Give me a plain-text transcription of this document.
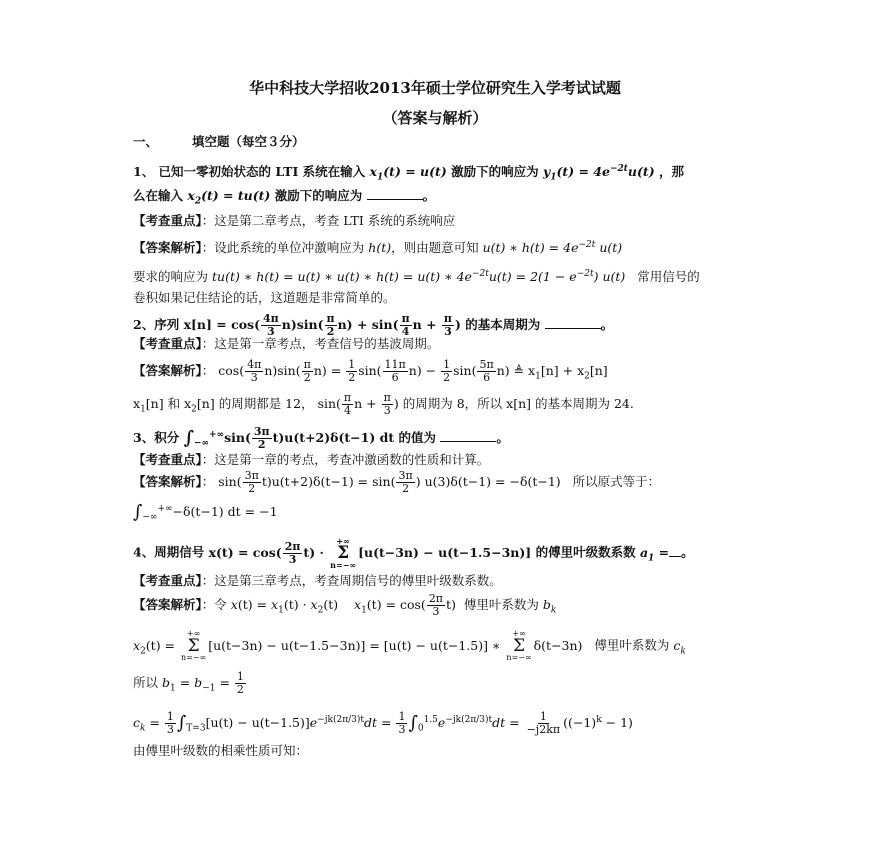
华中科技大学招收2013年硕士学位研究生入学考试试题
（答案与解析）
一、	填空题（每空３分）
1、 已知一零初始状态的 LTI 系统在输入 $x_1(t) = u(t)$ 激励下的响应为 $y_1(t) = 4e^{-2t}u(t)$ ，那
么在输入 $x_2(t) = tu(t)$ 激励下的响应为	。
【考查重点】：这是第二章考点，考查 LTI 系统的系统响应
【答案解析】：设此系统的单位冲激响应为 h(t)，则由题意可知 u(t) ∗ $h(t) = 4e^{-2t}$ u(t)
要求的响应为 tu(t) ∗ h(t) = u(t) ∗ u(t) ∗ h(t) = u(t) ∗ $4e^{-2t}u(t) = 2(1 - e^{-2t})$ u(t) 常用信号的
卷积如果记住结论的话，这道题是非常简单的。
2、序列 $x[n] = \cos( \frac{4\pi}{3} n)\sin( \frac{\pi}{2} n) + \sin( \frac{\pi}{4}$ $n + \frac{\pi}{3}$ ) 的基本周期为	。
【考查重点】：这是第一章考点，考查信号的基波周期。
【答案解析】： $\cos( \frac{4\pi}{3} n)\sin( \frac{\pi}{2} n) = \frac{1}{2} \sin( \frac{11\pi}{6} n) - \frac{1}{2} \sin( \frac{5\pi}{6} n)$ ≜ $x_1[n] + x_2[n]$
$x_1[n]$ 和 $x_2[n]$ 的周期都是 12， $\sin( \frac{\pi}{4}$ $n + \frac{\pi}{3}$ ) 的周期为 8，所以 x[n] 的基本周期为 24.
3、积分 $\int_{-\infty}^{+\infty}\sin( \frac{3\pi}{2} t)u(t+2)\delta(t-1)$ dt 的值为	。
【考查重点】：这是第一章的考点，考查冲激函数的性质和计算。
【答案解析】： $\sin( \frac{3\pi}{2} t)u(t+2)\delta(t-1) = \sin( \frac{3\pi}{2}$ ) u(3)δ(t−1) = −δ(t−1) 所以原式等于：
$\int_{-\infty}^{+\infty}-\delta(t-1)$ dt = −1
4、周期信号 $x(t) = \cos( \frac{2\pi}{3} t)$ ·
+∞
Σ
n=−∞
[u(t−3n) − u(t−1.5−3n)] 的傅里叶级数系数 $a_1$ = 。
【考查重点】：这是第三章考点，考查周期信号的傅里叶级数系数。
【答案解析】：令 $x(t) = x_1(t) \cdot x_2(t)$    $x_1(t) = \cos( \frac{2\pi}{3} t)$ 傅里叶系数为 $b_k$
$x_2(t)$ =
+∞
Σ
n=−∞
[u(t−3n) − u(t−1.5−3n)] = [u(t) − u(t−1.5)] ∗
+∞
Σ
n=−∞
δ(t−3n) 傅里叶系数为 $c_k$
所以 $b_1 = b_{-1} = \frac{1}{2}$
$c_k = \frac{1}{3} \int_{T=3}[u(t) - u(t-1.5)]e^{-jk(2\pi/3)t}dt = \frac{1}{3} \int_0^{1.5}e^{-jk(2\pi/3)t}dt = \frac{1}{-j2k\pi} ((-1)^k - 1)$
由傅里叶级数的相乘性质可知：
